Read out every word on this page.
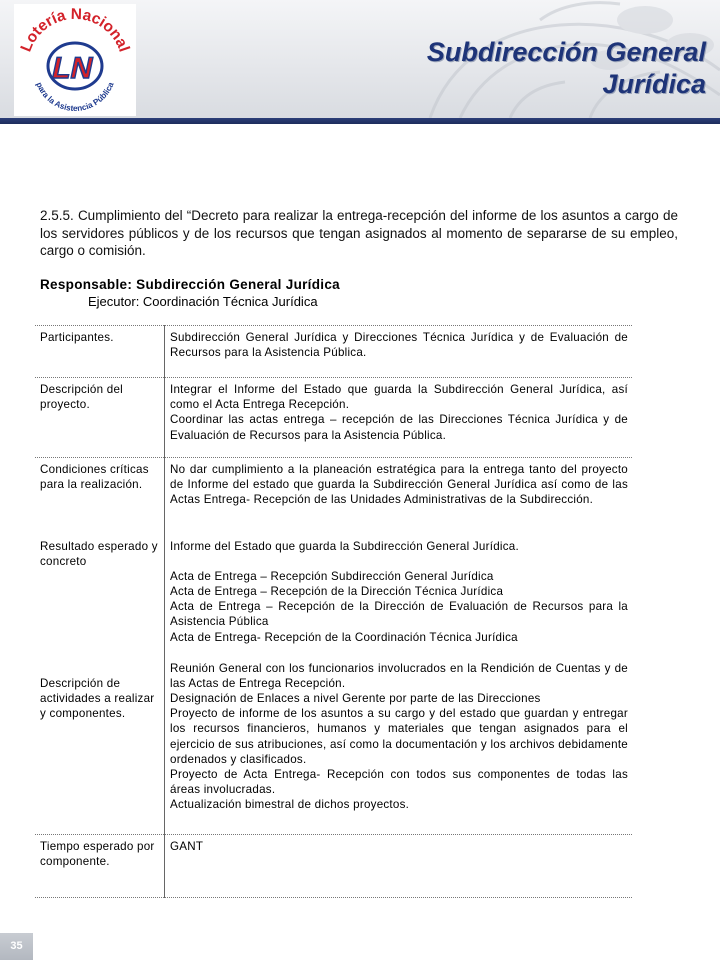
Lotería Nacional
para la Asistencia Pública
LN
Subdirección General
Jurídica
2.5.5. Cumplimiento del “Decreto para realizar la entrega-recepción del informe de los asuntos a cargo de los servidores públicos y de los recursos que tengan asignados al momento de separarse de su empleo, cargo o comisión.
Responsable: Subdirección General Jurídica
Ejecutor: Coordinación Técnica Jurídica
Participantes.	Subdirección General Jurídica y Direcciones Técnica Jurídica y de Evaluación de Recursos para la Asistencia Pública.
Descripción del proyecto.	Integrar el Informe del Estado que guarda la Subdirección General Jurídica, así como el Acta Entrega Recepción.
Coordinar las actas entrega – recepción de las Direcciones Técnica Jurídica y de Evaluación de Recursos para la Asistencia Pública.

Condiciones críticas para la realización.	No dar cumplimiento a la planeación estratégica para la entrega tanto del proyecto de Informe del estado que guarda la Subdirección General Jurídica así como de las Actas Entrega- Recepción de las Unidades Administrativas de la Subdirección.
Resultado esperado y concreto	Informe del Estado que guarda la Subdirección General Jurídica.
Acta de Entrega – Recepción Subdirección General Jurídica
Acta de Entrega – Recepción de la Dirección Técnica Jurídica
Acta de Entrega – Recepción de la Dirección de Evaluación de Recursos para la Asistencia Pública
Acta de Entrega- Recepción de la Coordinación Técnica Jurídica

Descripción de actividades a realizar y componentes.	Reunión General con los funcionarios involucrados en la Rendición de Cuentas y de las Actas de Entrega Recepción.
Designación de Enlaces a nivel Gerente por parte de las Direcciones
Proyecto de informe de los asuntos a su cargo y del estado que guardan y entregar los recursos financieros, humanos y materiales que tengan asignados para el ejercicio de sus atribuciones, así como la documentación y los archivos debidamente ordenados y clasificados.
Proyecto de Acta Entrega- Recepción con todos sus componentes de todas las áreas involucradas.
Actualización bimestral de dichos proyectos.

Tiempo esperado por componente.	GANT
35
